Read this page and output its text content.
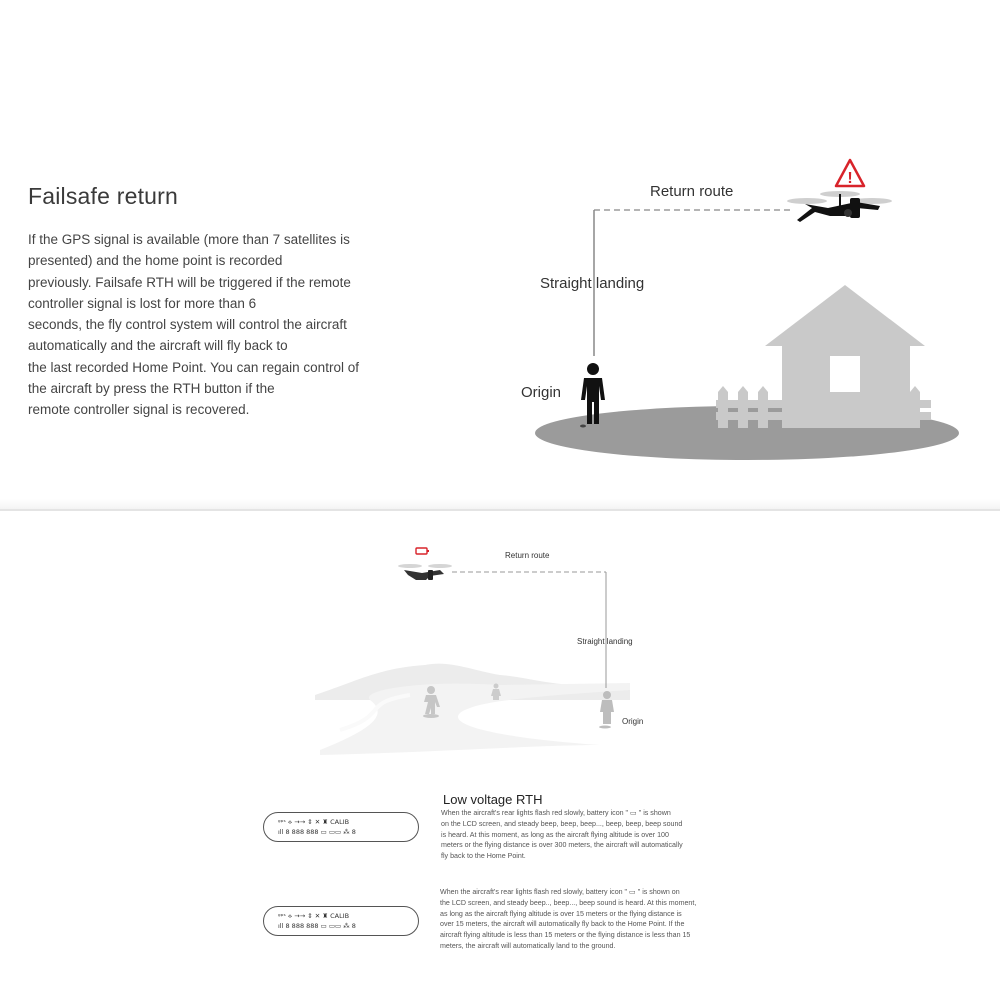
Failsafe return
If the GPS signal is available (more than 7 satellites is
presented) and the home point is recorded
previously. Failsafe RTH will be triggered if the remote
controller signal is lost for more than 6
seconds, the fly control system will control the aircraft
automatically and the aircraft will fly back to
the last recorded Home Point. You can regain control of
the aircraft by press the RTH button if the
remote controller signal is recovered.
!
Return route
Straight landing
Origin
Return route
Straight landing
Origin
Low voltage RTH
When the aircraft's rear lights flash red slowly, battery icon " ▭ " is shown
on the LCD screen, and steady beep, beep, beep..., beep, beep, beep sound
is heard. At this moment, as long as the aircraft flying altitude is over 100
meters or the flying distance is over 300 meters, the aircraft will automatically
fly back to the Home Point.
When the aircraft's rear lights flash red slowly, battery icon " ▭ " is shown on
the LCD screen, and steady beep.., beep..., beep sound is heard. At this moment,
as long as the aircraft flying altitude is over 15 meters or the flying distance is
over 15 meters, the aircraft will automatically fly back to the Home Point. If the
aircraft flying altitude is less than 15 meters or the flying distance is less than 15
meters, the aircraft will automatically land to the ground.
ᵍᵖˢ ⟡ →→ ⇕ ✕ ♜ CALIB
ıll 8 888 888 ▭ ▭▭ ⁂ 8
ᵍᵖˢ ⟡ →→ ⇕ ✕ ♜ CALIB
ıll 8 888 888 ▭ ▭▭ ⁂ 8
